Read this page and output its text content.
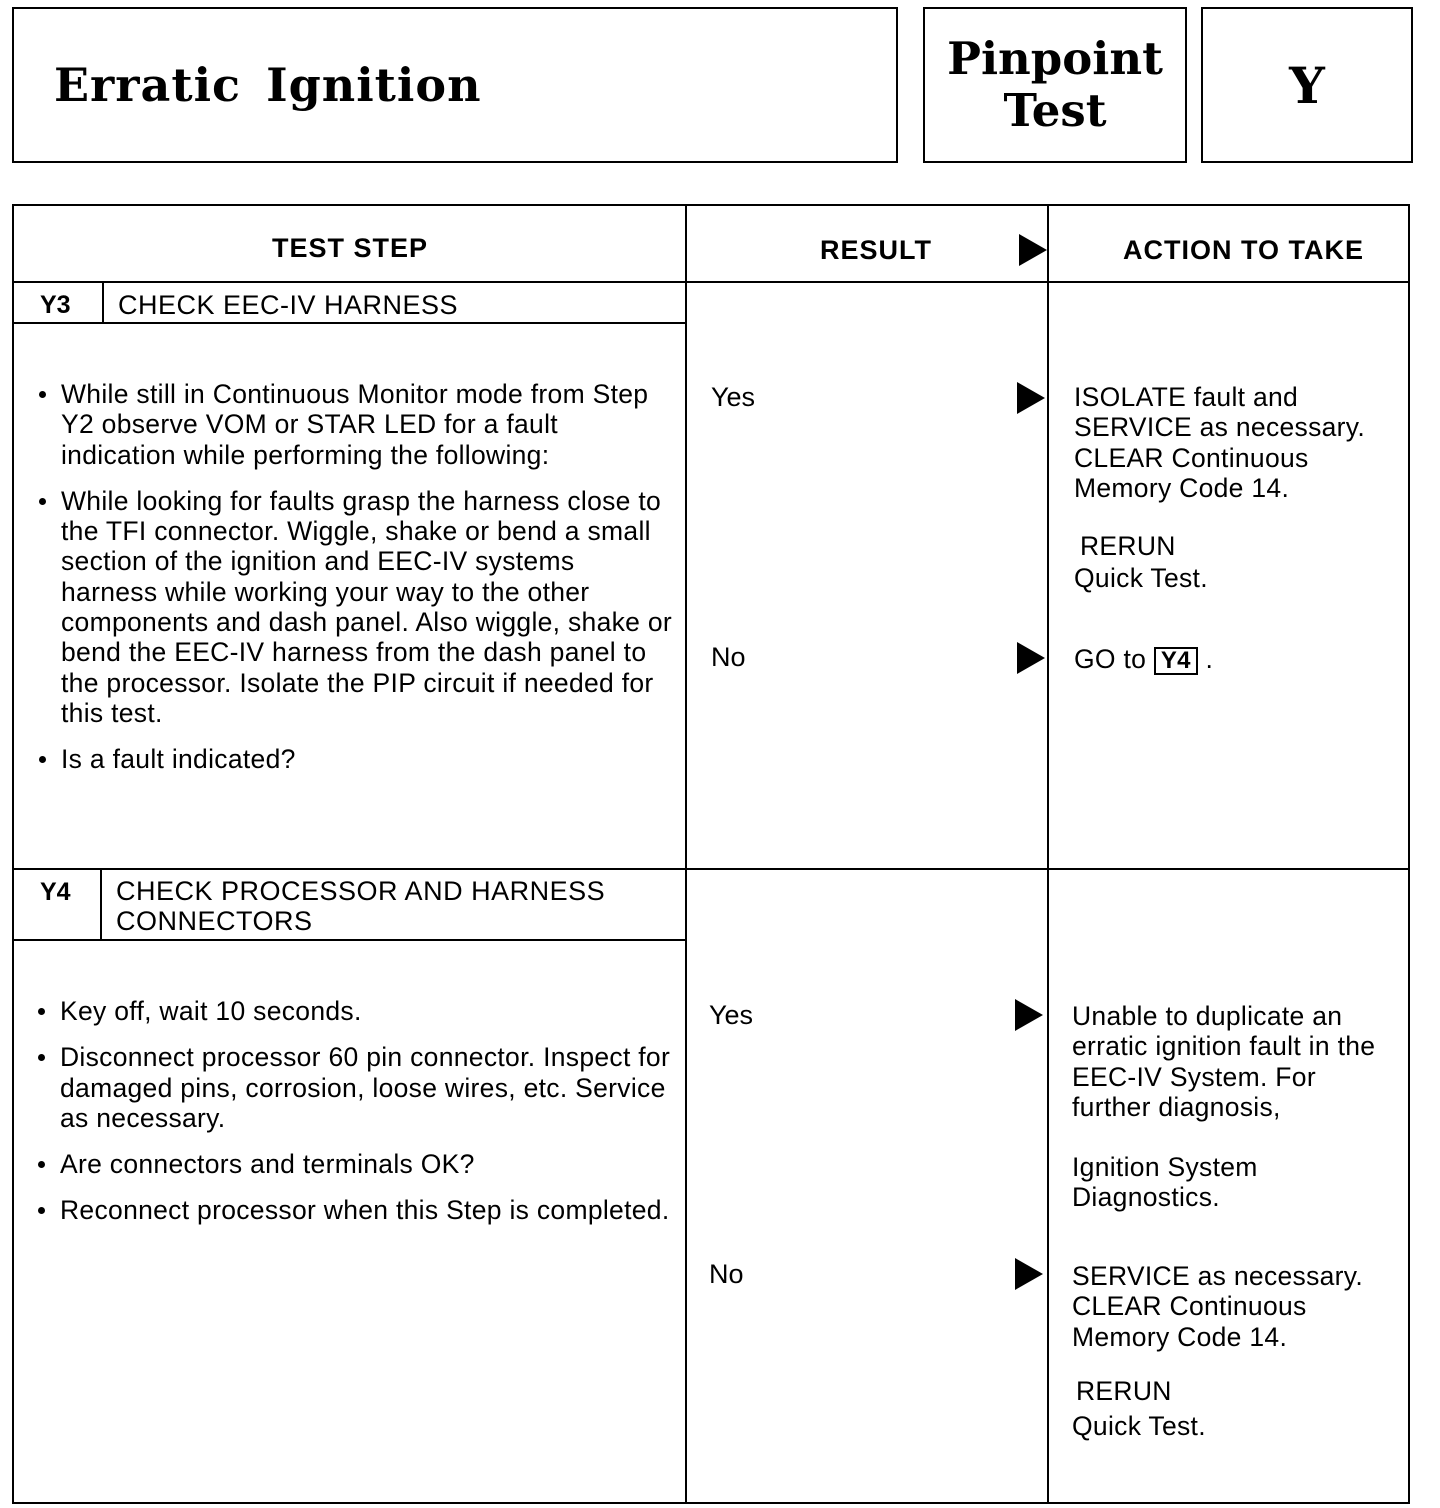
Erratic Ignition	Pinpoint
Test	Y
TEST STEP	RESULT	ACTION TO TAKE
Y3 CHECK EEC-IV HARNESS
While still in Continuous Monitor mode from Step Y2 observe VOM or STAR LED for a fault indication while performing the following:
While looking for faults grasp the harness close to the TFI connector. Wiggle, shake or bend a small section of the ignition and EEC-IV systems harness while working your way to the other components and dash panel. Also wiggle, shake or bend the EEC-IV harness from the dash panel to the processor. Isolate the PIP circuit if needed for this test.
Is a fault indicated?
Yes	ISOLATE fault and SERVICE as necessary. CLEAR Continuous Memory Code 14.

RERUN

Quick Test.

No	GO to Y4 .
Y4 CHECK PROCESSOR AND HARNESS
CONNECTORS
Key off, wait 10 seconds.
Disconnect processor 60 pin connector. Inspect for damaged pins, corrosion, loose wires, etc. Service as necessary.
Are connectors and terminals OK?
Reconnect processor when this Step is completed.
Yes	Unable to duplicate an erratic ignition fault in the EEC-IV System. For further diagnosis,

Ignition System Diagnostics.

No	SERVICE as necessary. CLEAR Continuous Memory Code 14.

RERUN

Quick Test.
